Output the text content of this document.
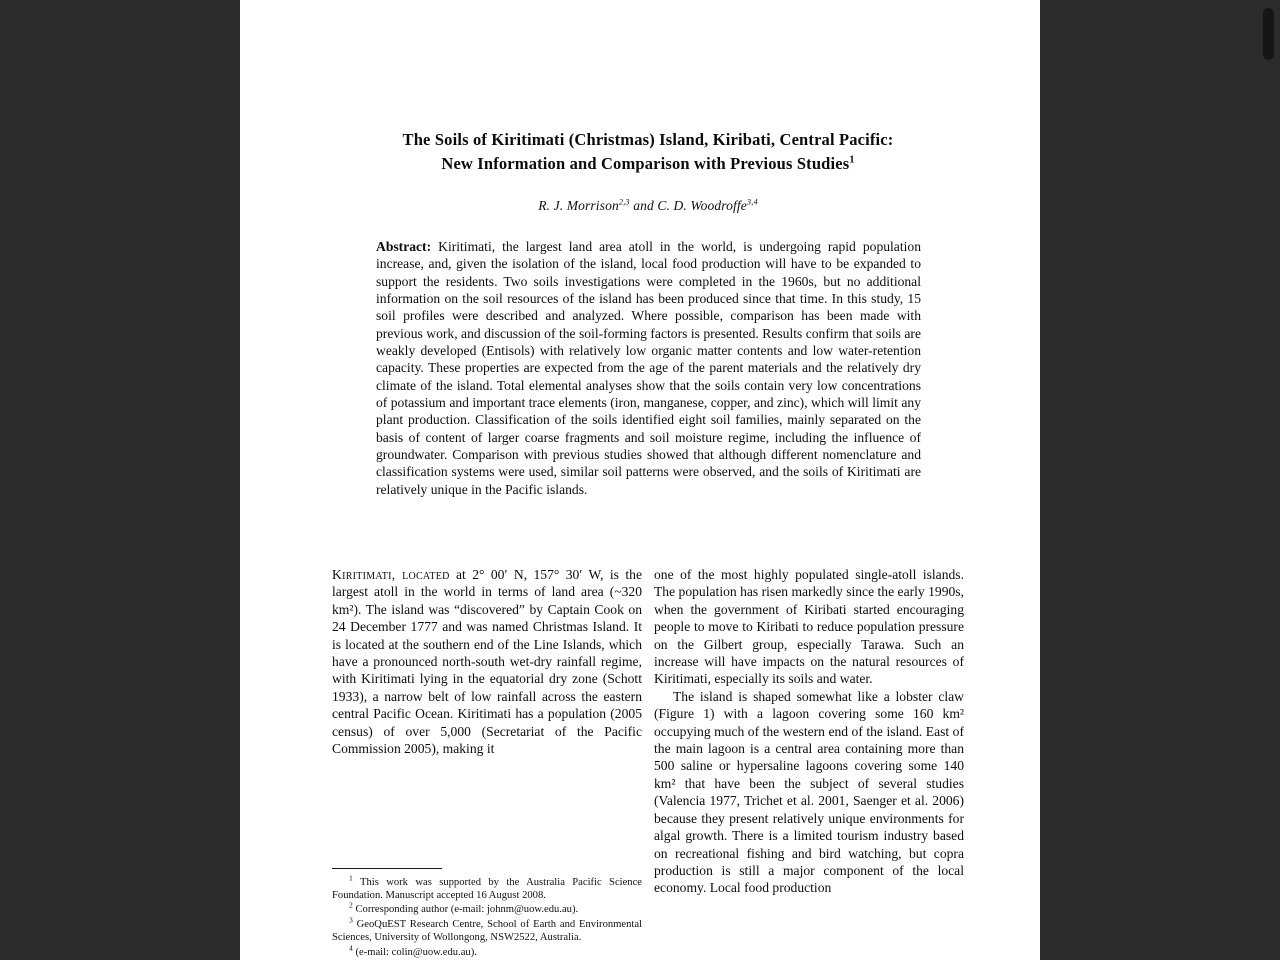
The Soils of Kiritimati (Christmas) Island, Kiribati, Central Pacific:
New Information and Comparison with Previous Studies$^1$
R. J. Morrison$^{2,3}$ and C. D. Woodroffe$^{3,4}$
Abstract: Kiritimati, the largest land area atoll in the world, is undergoing rapid population increase, and, given the isolation of the island, local food production will have to be expanded to support the residents. Two soils investigations were completed in the 1960s, but no additional information on the soil resources of the island has been produced since that time. In this study, 15 soil profiles were described and analyzed. Where possible, comparison has been made with previous work, and discussion of the soil-forming factors is presented. Results confirm that soils are weakly developed (Entisols) with relatively low organic matter contents and low water-retention capacity. These properties are expected from the age of the parent materials and the relatively dry climate of the island. Total elemental analyses show that the soils contain very low concentrations of potassium and important trace elements (iron, manganese, copper, and zinc), which will limit any plant production. Classification of the soils identified eight soil families, mainly separated on the basis of content of larger coarse fragments and soil moisture regime, including the influence of groundwater. Comparison with previous studies showed that although different nomenclature and classification systems were used, similar soil patterns were observed, and the soils of Kiritimati are relatively unique in the Pacific islands.

Kiritimati, located at 2° 00′ N, 157° 30′ W, is the largest atoll in the world in terms of land area (~320 km²). The island was “discovered” by Captain Cook on 24 December 1777 and was named Christmas Island. It is located at the southern end of the Line Islands, which have a pronounced north-south wet-dry rainfall regime, with Kiritimati lying in the equatorial dry zone (Schott 1933), a narrow belt of low rainfall across the eastern central Pacific Ocean. Kiritimati has a population (2005 census) of over 5,000 (Secretariat of the Pacific Commission 2005), making it

$^1$ This work was supported by the Australia Pacific Science Foundation. Manuscript accepted 16 August 2008.

$^2$ Corresponding author (e-mail: johnm@uow.edu.au).

$^3$ GeoQuEST Research Centre, School of Earth and Environmental Sciences, University of Wollongong, NSW2522, Australia.

$^4$ (e-mail: colin@uow.edu.au).

one of the most highly populated single-atoll islands. The population has risen markedly since the early 1990s, when the government of Kiribati started encouraging people to move to Kiribati to reduce population pressure on the Gilbert group, especially Tarawa. Such an increase will have impacts on the natural resources of Kiritimati, especially its soils and water.

The island is shaped somewhat like a lobster claw (Figure 1) with a lagoon covering some 160 km² occupying much of the western end of the island. East of the main lagoon is a central area containing more than 500 saline or hypersaline lagoons covering some 140 km² that have been the subject of several studies (Valencia 1977, Trichet et al. 2001, Saenger et al. 2006) because they present relatively unique environments for algal growth. There is a limited tourism industry based on recreational fishing and bird watching, but copra production is still a major component of the local economy. Local food production
